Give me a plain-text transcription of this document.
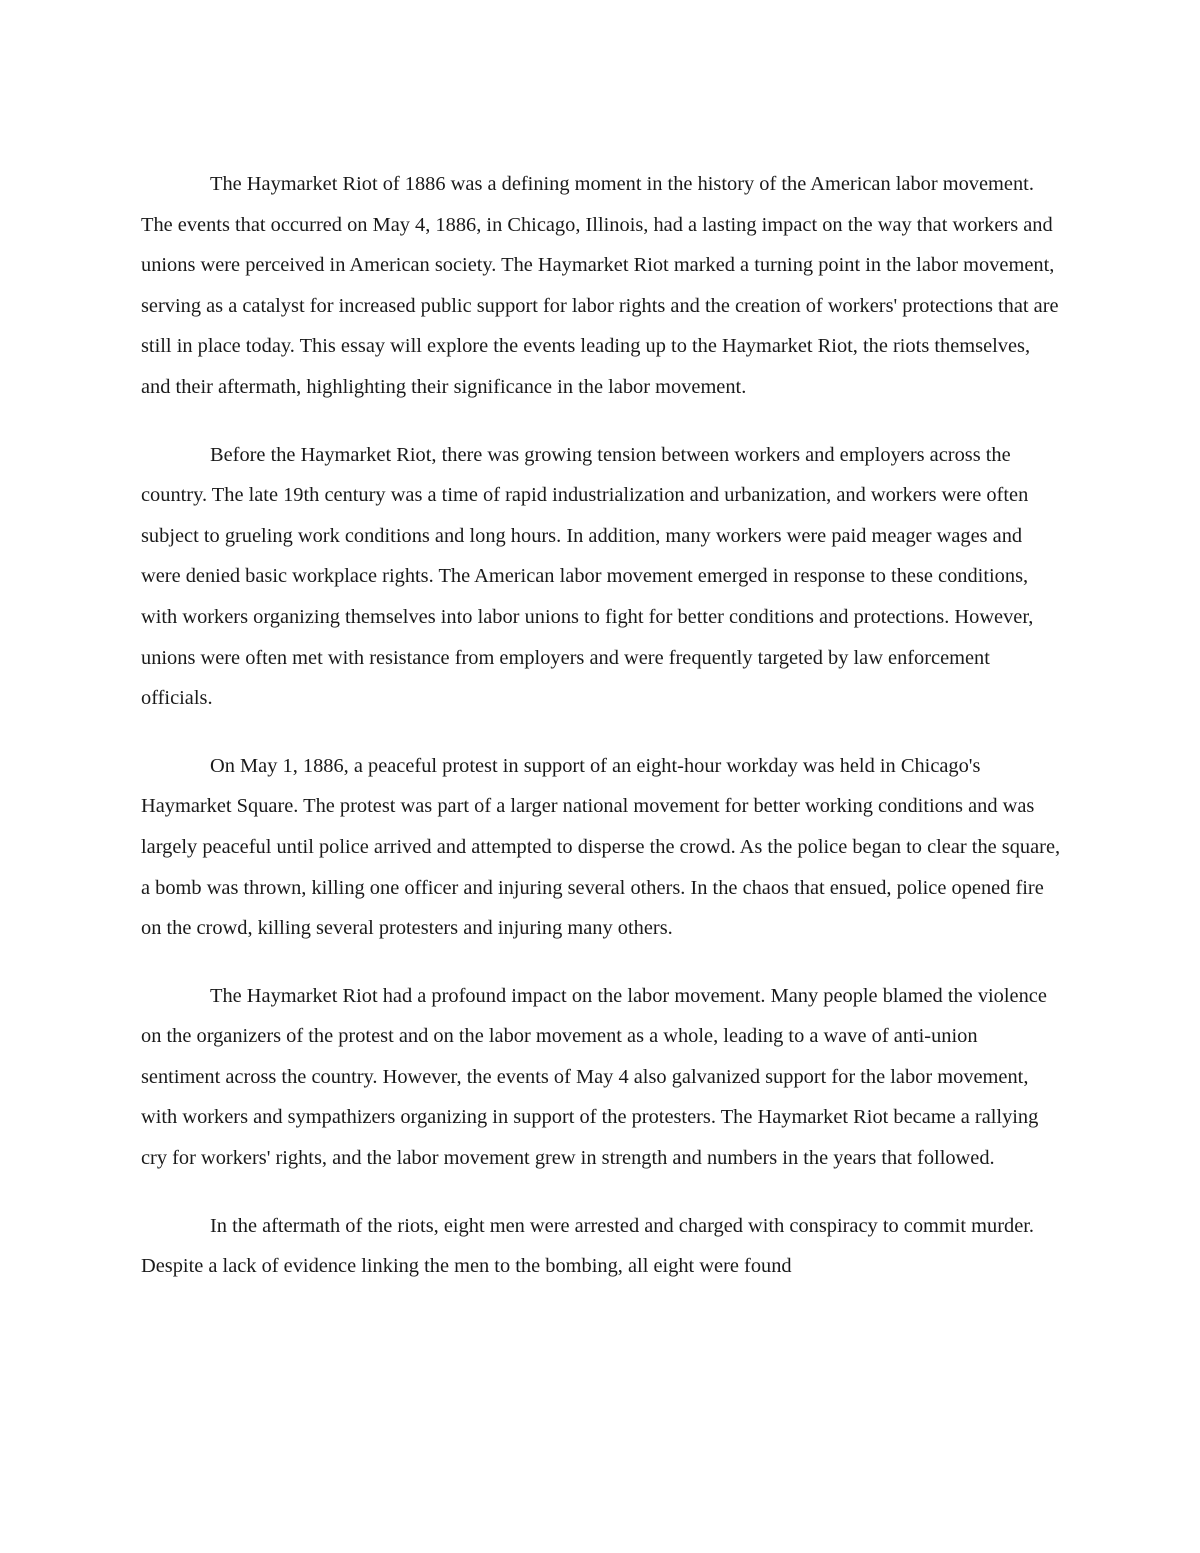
The Haymarket Riot of 1886 was a defining moment in the history of the American labor movement. The events that occurred on May 4, 1886, in Chicago, Illinois, had a lasting impact on the way that workers and unions were perceived in American society. The Haymarket Riot marked a turning point in the labor movement, serving as a catalyst for increased public support for labor rights and the creation of workers' protections that are still in place today. This essay will explore the events leading up to the Haymarket Riot, the riots themselves, and their aftermath, highlighting their significance in the labor movement.

Before the Haymarket Riot, there was growing tension between workers and employers across the country. The late 19th century was a time of rapid industrialization and urbanization, and workers were often subject to grueling work conditions and long hours. In addition, many workers were paid meager wages and were denied basic workplace rights. The American labor movement emerged in response to these conditions, with workers organizing themselves into labor unions to fight for better conditions and protections. However, unions were often met with resistance from employers and were frequently targeted by law enforcement officials.

On May 1, 1886, a peaceful protest in support of an eight-hour workday was held in Chicago's Haymarket Square. The protest was part of a larger national movement for better working conditions and was largely peaceful until police arrived and attempted to disperse the crowd. As the police began to clear the square, a bomb was thrown, killing one officer and injuring several others. In the chaos that ensued, police opened fire on the crowd, killing several protesters and injuring many others.

The Haymarket Riot had a profound impact on the labor movement. Many people blamed the violence on the organizers of the protest and on the labor movement as a whole, leading to a wave of anti-union sentiment across the country. However, the events of May 4 also galvanized support for the labor movement, with workers and sympathizers organizing in support of the protesters. The Haymarket Riot became a rallying cry for workers' rights, and the labor movement grew in strength and numbers in the years that followed.

In the aftermath of the riots, eight men were arrested and charged with conspiracy to commit murder. Despite a lack of evidence linking the men to the bombing, all eight were found
